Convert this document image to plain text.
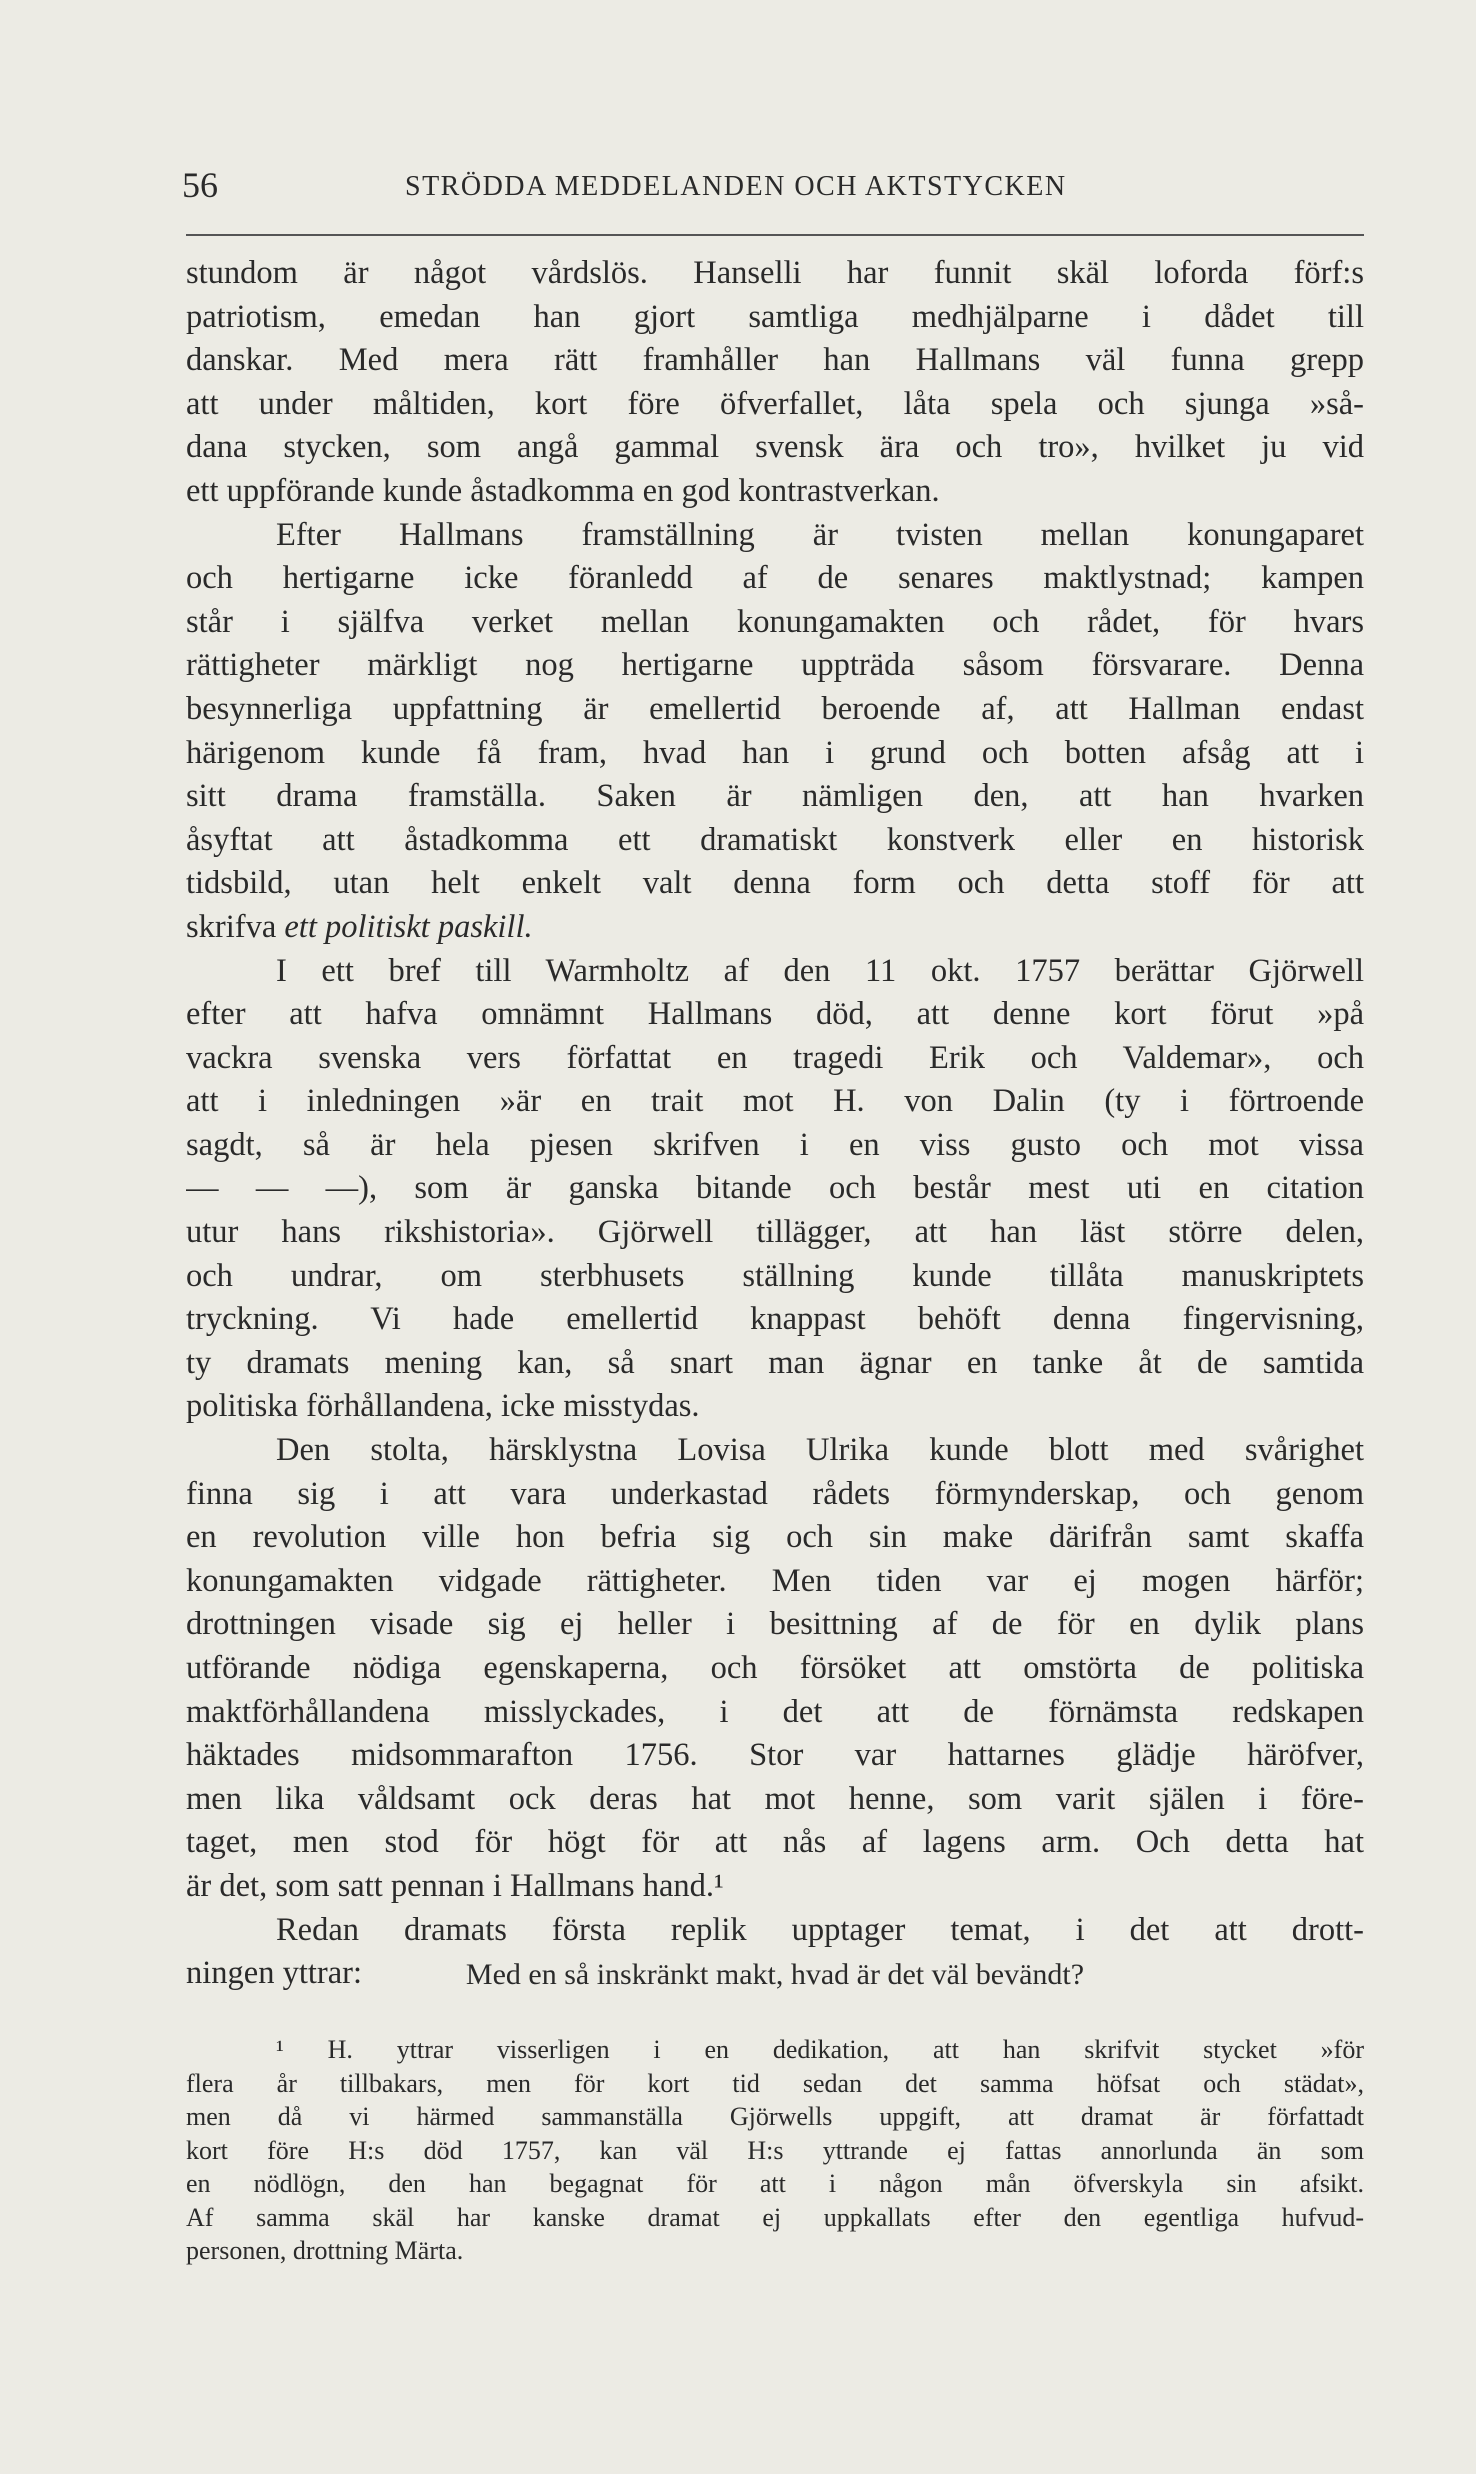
56	STRÖDDA MEDDELANDEN OCH AKTSTYCKEN
stundom är något vårdslös. Hanselli har funnit skäl loforda förf:s
patriotism, emedan han gjort samtliga medhjälparne i dådet till
danskar. Med mera rätt framhåller han Hallmans väl funna grepp
att under måltiden, kort före öfverfallet, låta spela och sjunga »så-
dana stycken, som angå gammal svensk ära och tro», hvilket ju vid
ett uppförande kunde åstadkomma en god kontrastverkan.
Efter Hallmans framställning är tvisten mellan konungaparet
och hertigarne icke föranledd af de senares maktlystnad; kampen
står i själfva verket mellan konungamakten och rådet, för hvars
rättigheter märkligt nog hertigarne uppträda såsom försvarare. Denna
besynnerliga uppfattning är emellertid beroende af, att Hallman endast
härigenom kunde få fram, hvad han i grund och botten afsåg att i
sitt drama framställa. Saken är nämligen den, att han hvarken
åsyftat att åstadkomma ett dramatiskt konstverk eller en historisk
tidsbild, utan helt enkelt valt denna form och detta stoff för att
skrifva ett politiskt paskill.
I ett bref till Warmholtz af den 11 okt. 1757 berättar Gjörwell
efter att hafva omnämnt Hallmans död, att denne kort förut »på
vackra svenska vers författat en tragedi Erik och Valdemar», och
att i inledningen »är en trait mot H. von Dalin (ty i förtroende
sagdt, så är hela pjesen skrifven i en viss gusto och mot vissa
— — —), som är ganska bitande och består mest uti en citation
utur hans rikshistoria». Gjörwell tillägger, att han läst större delen,
och undrar, om sterbhusets ställning kunde tillåta manuskriptets
tryckning. Vi hade emellertid knappast behöft denna fingervisning,
ty dramats mening kan, så snart man ägnar en tanke åt de samtida
politiska förhållandena, icke misstydas.
Den stolta, härsklystna Lovisa Ulrika kunde blott med svårighet
finna sig i att vara underkastad rådets förmynderskap, och genom
en revolution ville hon befria sig och sin make därifrån samt skaffa
konungamakten vidgade rättigheter. Men tiden var ej mogen härför;
drottningen visade sig ej heller i besittning af de för en dylik plans
utförande nödiga egenskaperna, och försöket att omstörta de politiska
maktförhållandena misslyckades, i det att de förnämsta redskapen
häktades midsommarafton 1756. Stor var hattarnes glädje häröfver,
men lika våldsamt ock deras hat mot henne, som varit själen i före-
taget, men stod för högt för att nås af lagens arm. Och detta hat
är det, som satt pennan i Hallmans hand.¹
Redan dramats första replik upptager temat, i det att drott-
ningen yttrar:	Med en så inskränkt makt, hvad är det väl bevändt?
¹ H. yttrar visserligen i en dedikation, att han skrifvit stycket »för
flera år tillbakars, men för kort tid sedan det samma höfsat och städat»,
men då vi härmed sammanställa Gjörwells uppgift, att dramat är författadt
kort före H:s död 1757, kan väl H:s yttrande ej fattas annorlunda än som
en nödlögn, den han begagnat för att i någon mån öfverskyla sin afsikt.
Af samma skäl har kanske dramat ej uppkallats efter den egentliga hufvud-
personen, drottning Märta.
